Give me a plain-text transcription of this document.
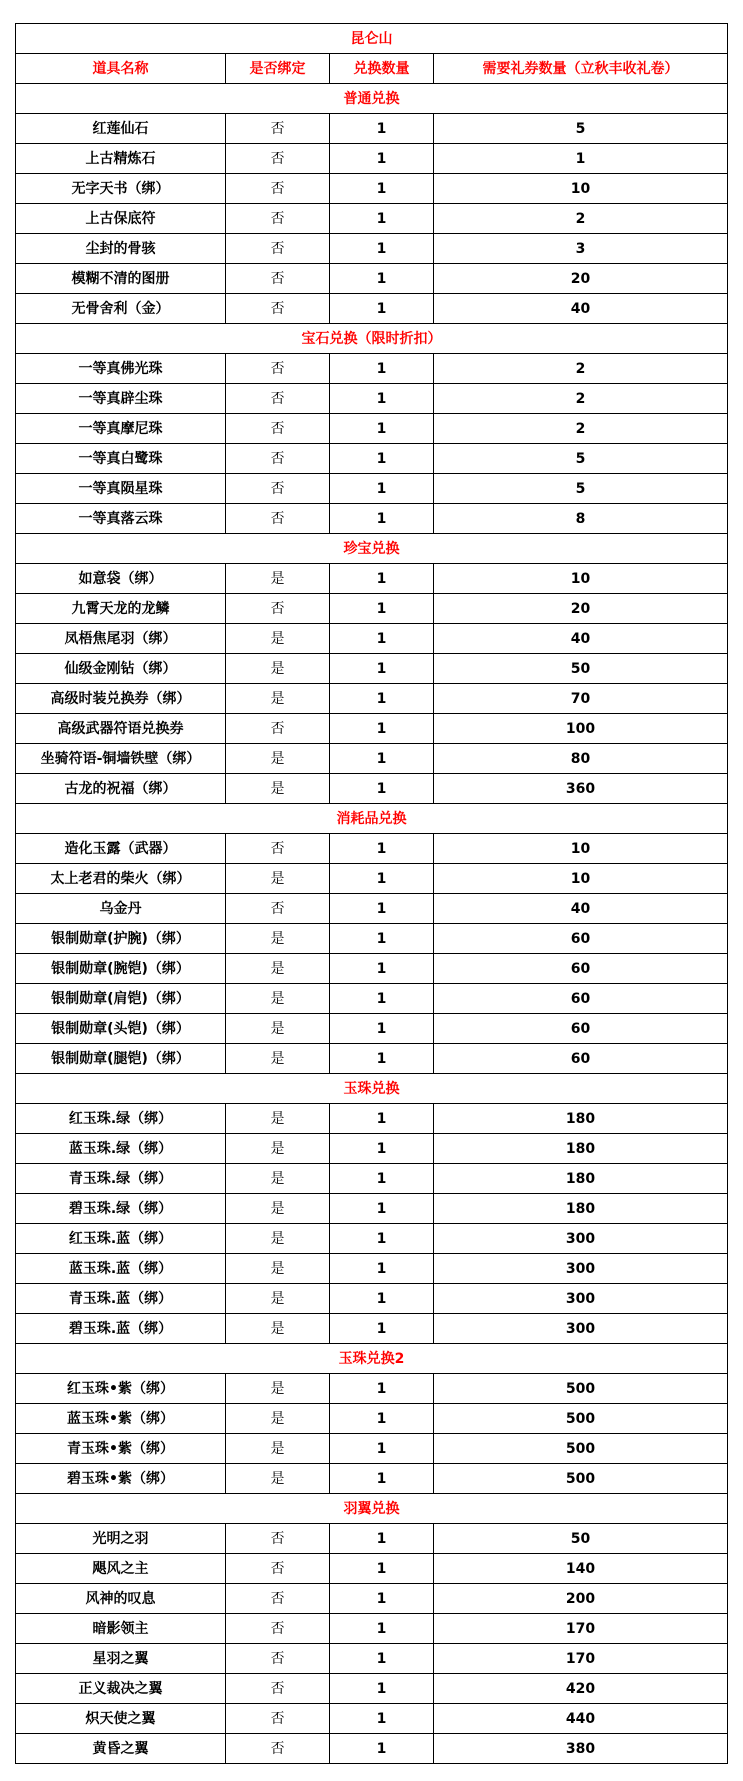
昆仑山			
道具名称	是否绑定	兑换数量	需要礼券数量（立秋丰收礼卷）
普通兑换			
红莲仙石	否	1	5
上古精炼石	否	1	1
无字天书（绑）	否	1	10
上古保底符	否	1	2
尘封的骨骇	否	1	3
模糊不清的图册	否	1	20
无骨舍利（金）	否	1	40
宝石兑换（限时折扣）			
一等真佛光珠	否	1	2
一等真辟尘珠	否	1	2
一等真摩尼珠	否	1	2
一等真白鹭珠	否	1	5
一等真陨星珠	否	1	5
一等真落云珠	否	1	8
珍宝兑换			
如意袋（绑）	是	1	10
九霄天龙的龙鳞	否	1	20
凤梧焦尾羽（绑）	是	1	40
仙级金刚钻（绑）	是	1	50
高级时装兑换券（绑）	是	1	70
高级武器符语兑换券	否	1	100
坐骑符语-铜墙铁壁（绑）	是	1	80
古龙的祝福（绑）	是	1	360
消耗品兑换			
造化玉露（武器）	否	1	10
太上老君的柴火（绑）	是	1	10
乌金丹	否	1	40
银制勋章(护腕)（绑）	是	1	60
银制勋章(腕铠)（绑）	是	1	60
银制勋章(肩铠)（绑）	是	1	60
银制勋章(头铠)（绑）	是	1	60
银制勋章(腿铠)（绑）	是	1	60
玉珠兑换			
红玉珠.绿（绑）	是	1	180
蓝玉珠.绿（绑）	是	1	180
青玉珠.绿（绑）	是	1	180
碧玉珠.绿（绑）	是	1	180
红玉珠.蓝（绑）	是	1	300
蓝玉珠.蓝（绑）	是	1	300
青玉珠.蓝（绑）	是	1	300
碧玉珠.蓝（绑）	是	1	300
玉珠兑换2			
红玉珠•紫（绑）	是	1	500
蓝玉珠•紫（绑）	是	1	500
青玉珠•紫（绑）	是	1	500
碧玉珠•紫（绑）	是	1	500
羽翼兑换			
光明之羽	否	1	50
飓风之主	否	1	140
风神的叹息	否	1	200
暗影领主	否	1	170
星羽之翼	否	1	170
正义裁决之翼	否	1	420
炽天使之翼	否	1	440
黄昏之翼	否	1	380
